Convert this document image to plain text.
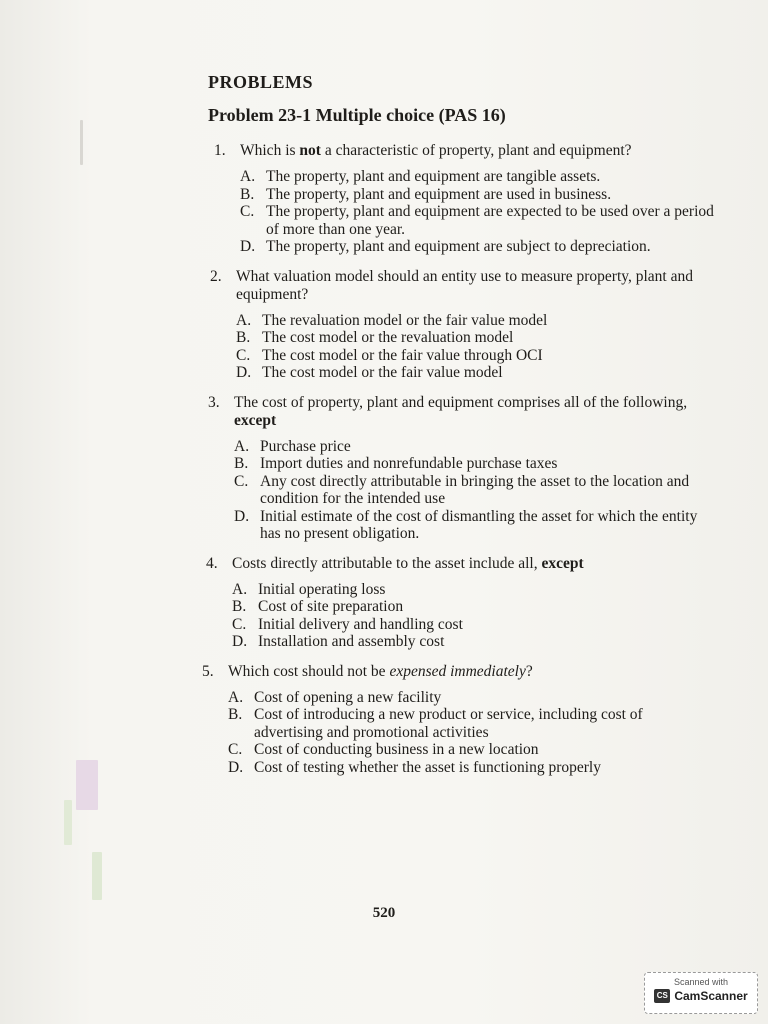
PROBLEMS
Problem 23-1 Multiple choice (PAS 16)
1. Which is not a characteristic of property, plant and equipment?
A. The property, plant and equipment are tangible assets.
B. The property, plant and equipment are used in business.
C. The property, plant and equipment are expected to be used over a period of more than one year.
D. The property, plant and equipment are subject to depreciation.
2. What valuation model should an entity use to measure property, plant and equipment?
A. The revaluation model or the fair value model
B. The cost model or the revaluation model
C. The cost model or the fair value through OCI
D. The cost model or the fair value model
3. The cost of property, plant and equipment comprises all of the following, except
A. Purchase price
B. Import duties and nonrefundable purchase taxes
C. Any cost directly attributable in bringing the asset to the location and condition for the intended use
D. Initial estimate of the cost of dismantling the asset for which the entity has no present obligation.
4. Costs directly attributable to the asset include all, except
A. Initial operating loss
B. Cost of site preparation
C. Initial delivery and handling cost
D. Installation and assembly cost
5. Which cost should not be expensed immediately?
A. Cost of opening a new facility
B. Cost of introducing a new product or service, including cost of advertising and promotional activities
C. Cost of conducting business in a new location
D. Cost of testing whether the asset is functioning properly
520
Scanned with
CS CamScanner
